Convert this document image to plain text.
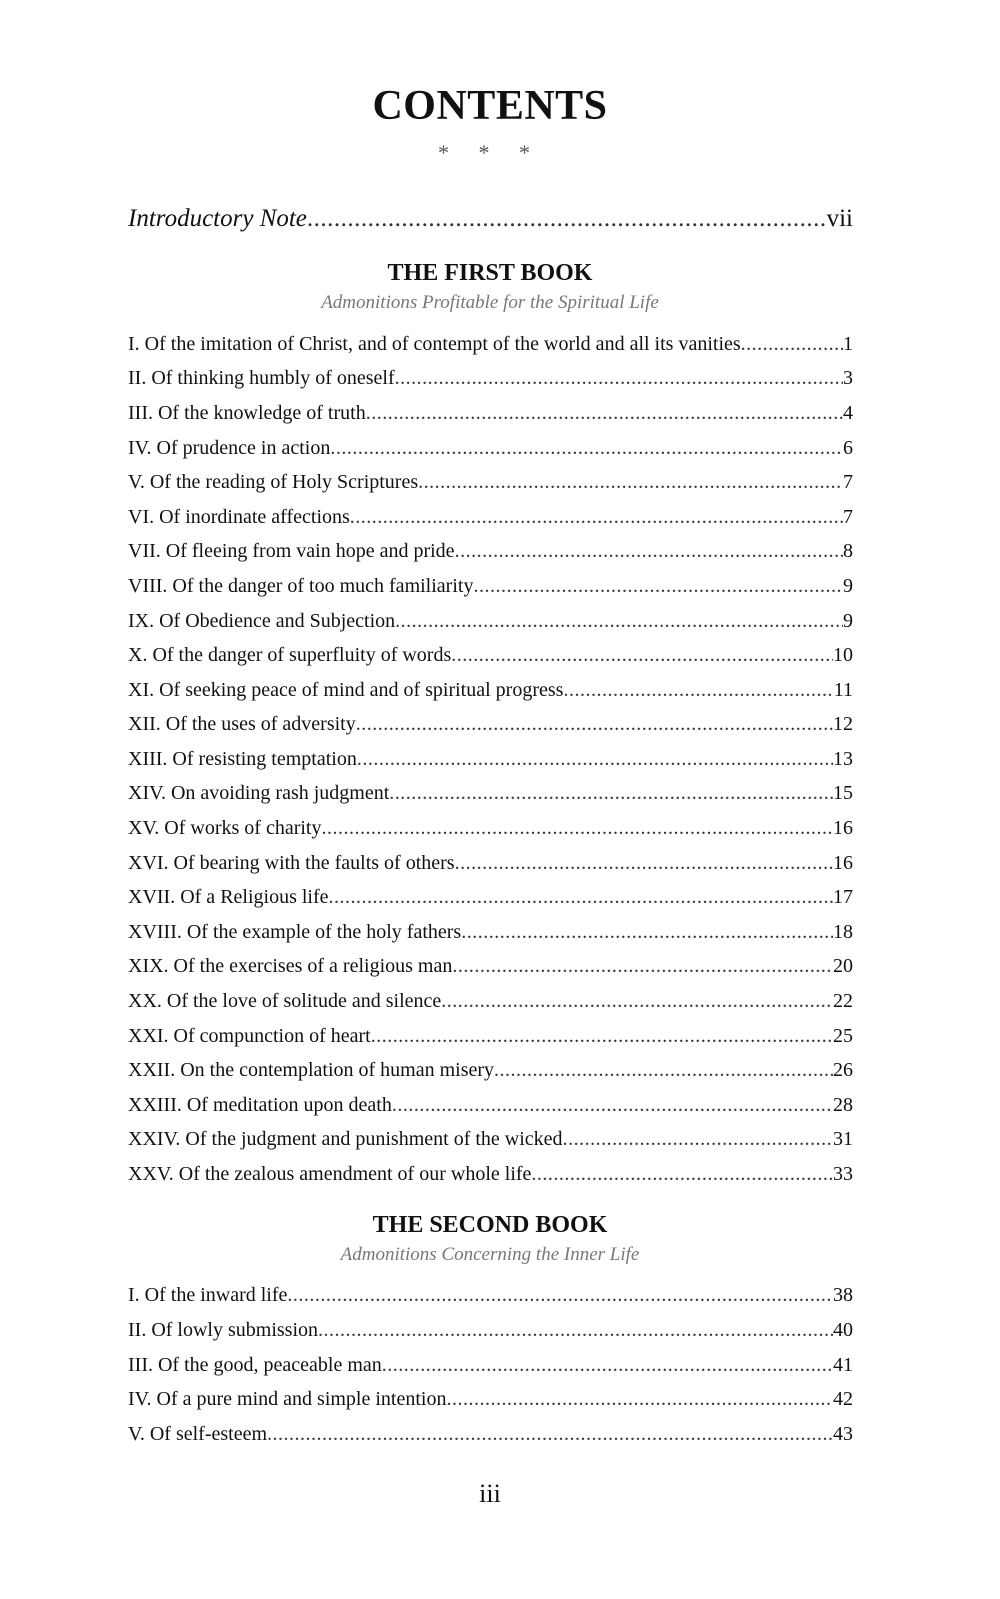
CONTENTS
* * *
Introductory Note .....	vii
THE FIRST BOOK
Admonitions Profitable for the Spiritual Life
I. Of the imitation of Christ, and of contempt of the world and all its vanities .....	1
II. Of thinking humbly of oneself .....	3
III. Of the knowledge of truth .....	4
IV. Of prudence in action .....	6
V. Of the reading of Holy Scriptures .....	7
VI. Of inordinate affections .....	7
VII. Of fleeing from vain hope and pride .....	8
VIII. Of the danger of too much familiarity .....	9
IX. Of Obedience and Subjection .....	9
X. Of the danger of superfluity of words .....	10
XI. Of seeking peace of mind and of spiritual progress .....	11
XII. Of the uses of adversity .....	12
XIII. Of resisting temptation .....	13
XIV. On avoiding rash judgment .....	15
XV. Of works of charity .....	16
XVI. Of bearing with the faults of others .....	16
XVII. Of a Religious life .....	17
XVIII. Of the example of the holy fathers .....	18
XIX. Of the exercises of a religious man .....	20
XX. Of the love of solitude and silence .....	22
XXI. Of compunction of heart .....	25
XXII. On the contemplation of human misery .....	26
XXIII. Of meditation upon death .....	28
XXIV. Of the judgment and punishment of the wicked .....	31
XXV. Of the zealous amendment of our whole life .....	33
THE SECOND BOOK
Admonitions Concerning the Inner Life
I. Of the inward life .....	38
II. Of lowly submission .....	40
III. Of the good, peaceable man .....	41
IV. Of a pure mind and simple intention .....	42
V. Of self-esteem .....	43
iii
